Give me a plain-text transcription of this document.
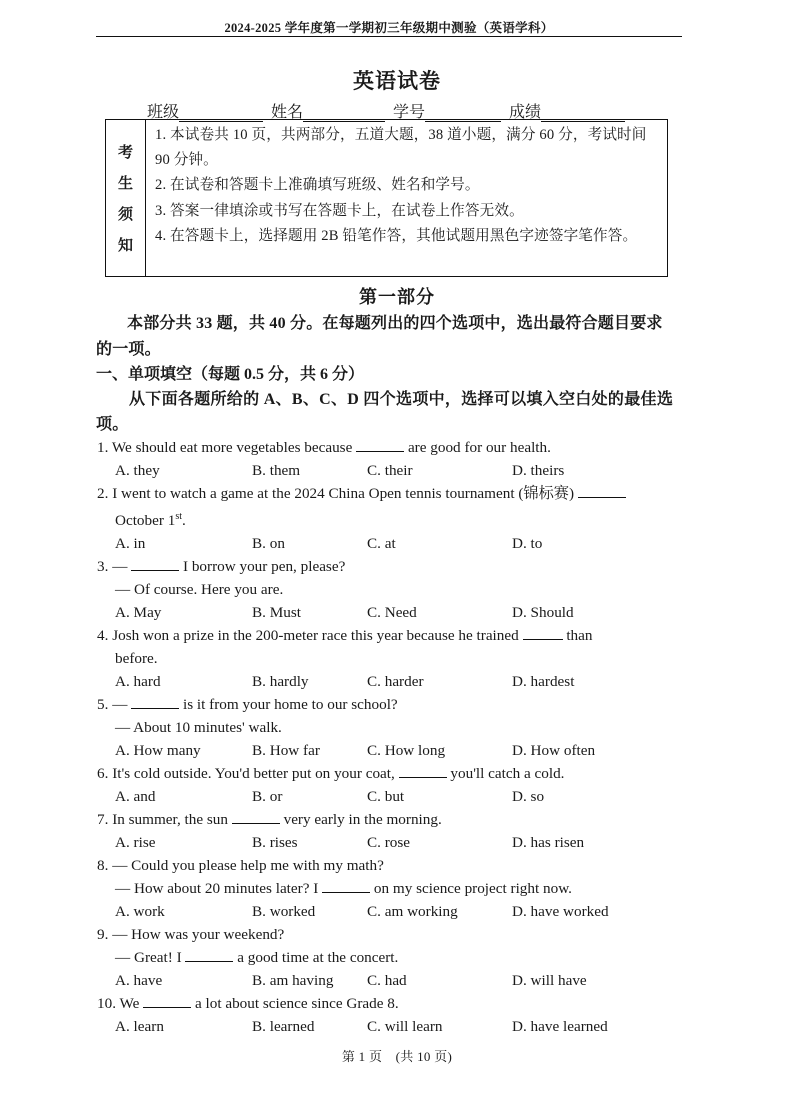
2024-2025 学年度第一学期初三年级期中测验（英语学科）
英语试卷
班级	姓名	学号	成绩
考
生
须
知

1. 本试卷共 10 页，共两部分，五道大题，38 道小题，满分 60 分，考试时间 90 分钟。

2. 在试卷和答题卡上准确填写班级、姓名和学号。

3. 答案一律填涂或书写在答题卡上，在试卷上作答无效。

4. 在答题卡上，选择题用 2B 铅笔作答，其他试题用黑色字迹签字笔作答。

第一部分
本部分共 33 题，共 40 分。在每题列出的四个选项中，选出最符合题目要求的一项。
一、单项填空（每题 0.5 分，共 6 分）
从下面各题所给的 A、B、C、D 四个选项中，选择可以填入空白处的最佳选项。
1. We should eat more vegetables because	are good for our health.
A. they	B. them	C. their	D. theirs
2. I went to watch a game at the 2024 China Open tennis tournament (锦标赛)
October 1st.
A. in	B. on	C. at	D. to
3. —	I borrow your pen, please?
— Of course. Here you are.
A. May	B. Must	C. Need	D. Should
4. Josh won a prize in the 200-meter race this year because he trained	than
before.
A. hard	B. hardly	C. harder	D. hardest
5. —	is it from your home to our school?
— About 10 minutes' walk.
A. How many	B. How far	C. How long	D. How often
6. It's cold outside. You'd better put on your coat,	you'll catch a cold.
A. and	B. or	C. but	D. so
7. In summer, the sun	very early in the morning.
A. rise	B. rises	C. rose	D. has risen
8. — Could you please help me with my math?
— How about 20 minutes later? I	on my science project right now.
A. work	B. worked	C. am working	D. have worked
9. — How was your weekend?
— Great! I	a good time at the concert.
A. have	B. am having	C. had	D. will have
10. We	a lot about science since Grade 8.
A. learn	B. learned	C. will learn	D. have learned
第 1 页　(共 10 页)
